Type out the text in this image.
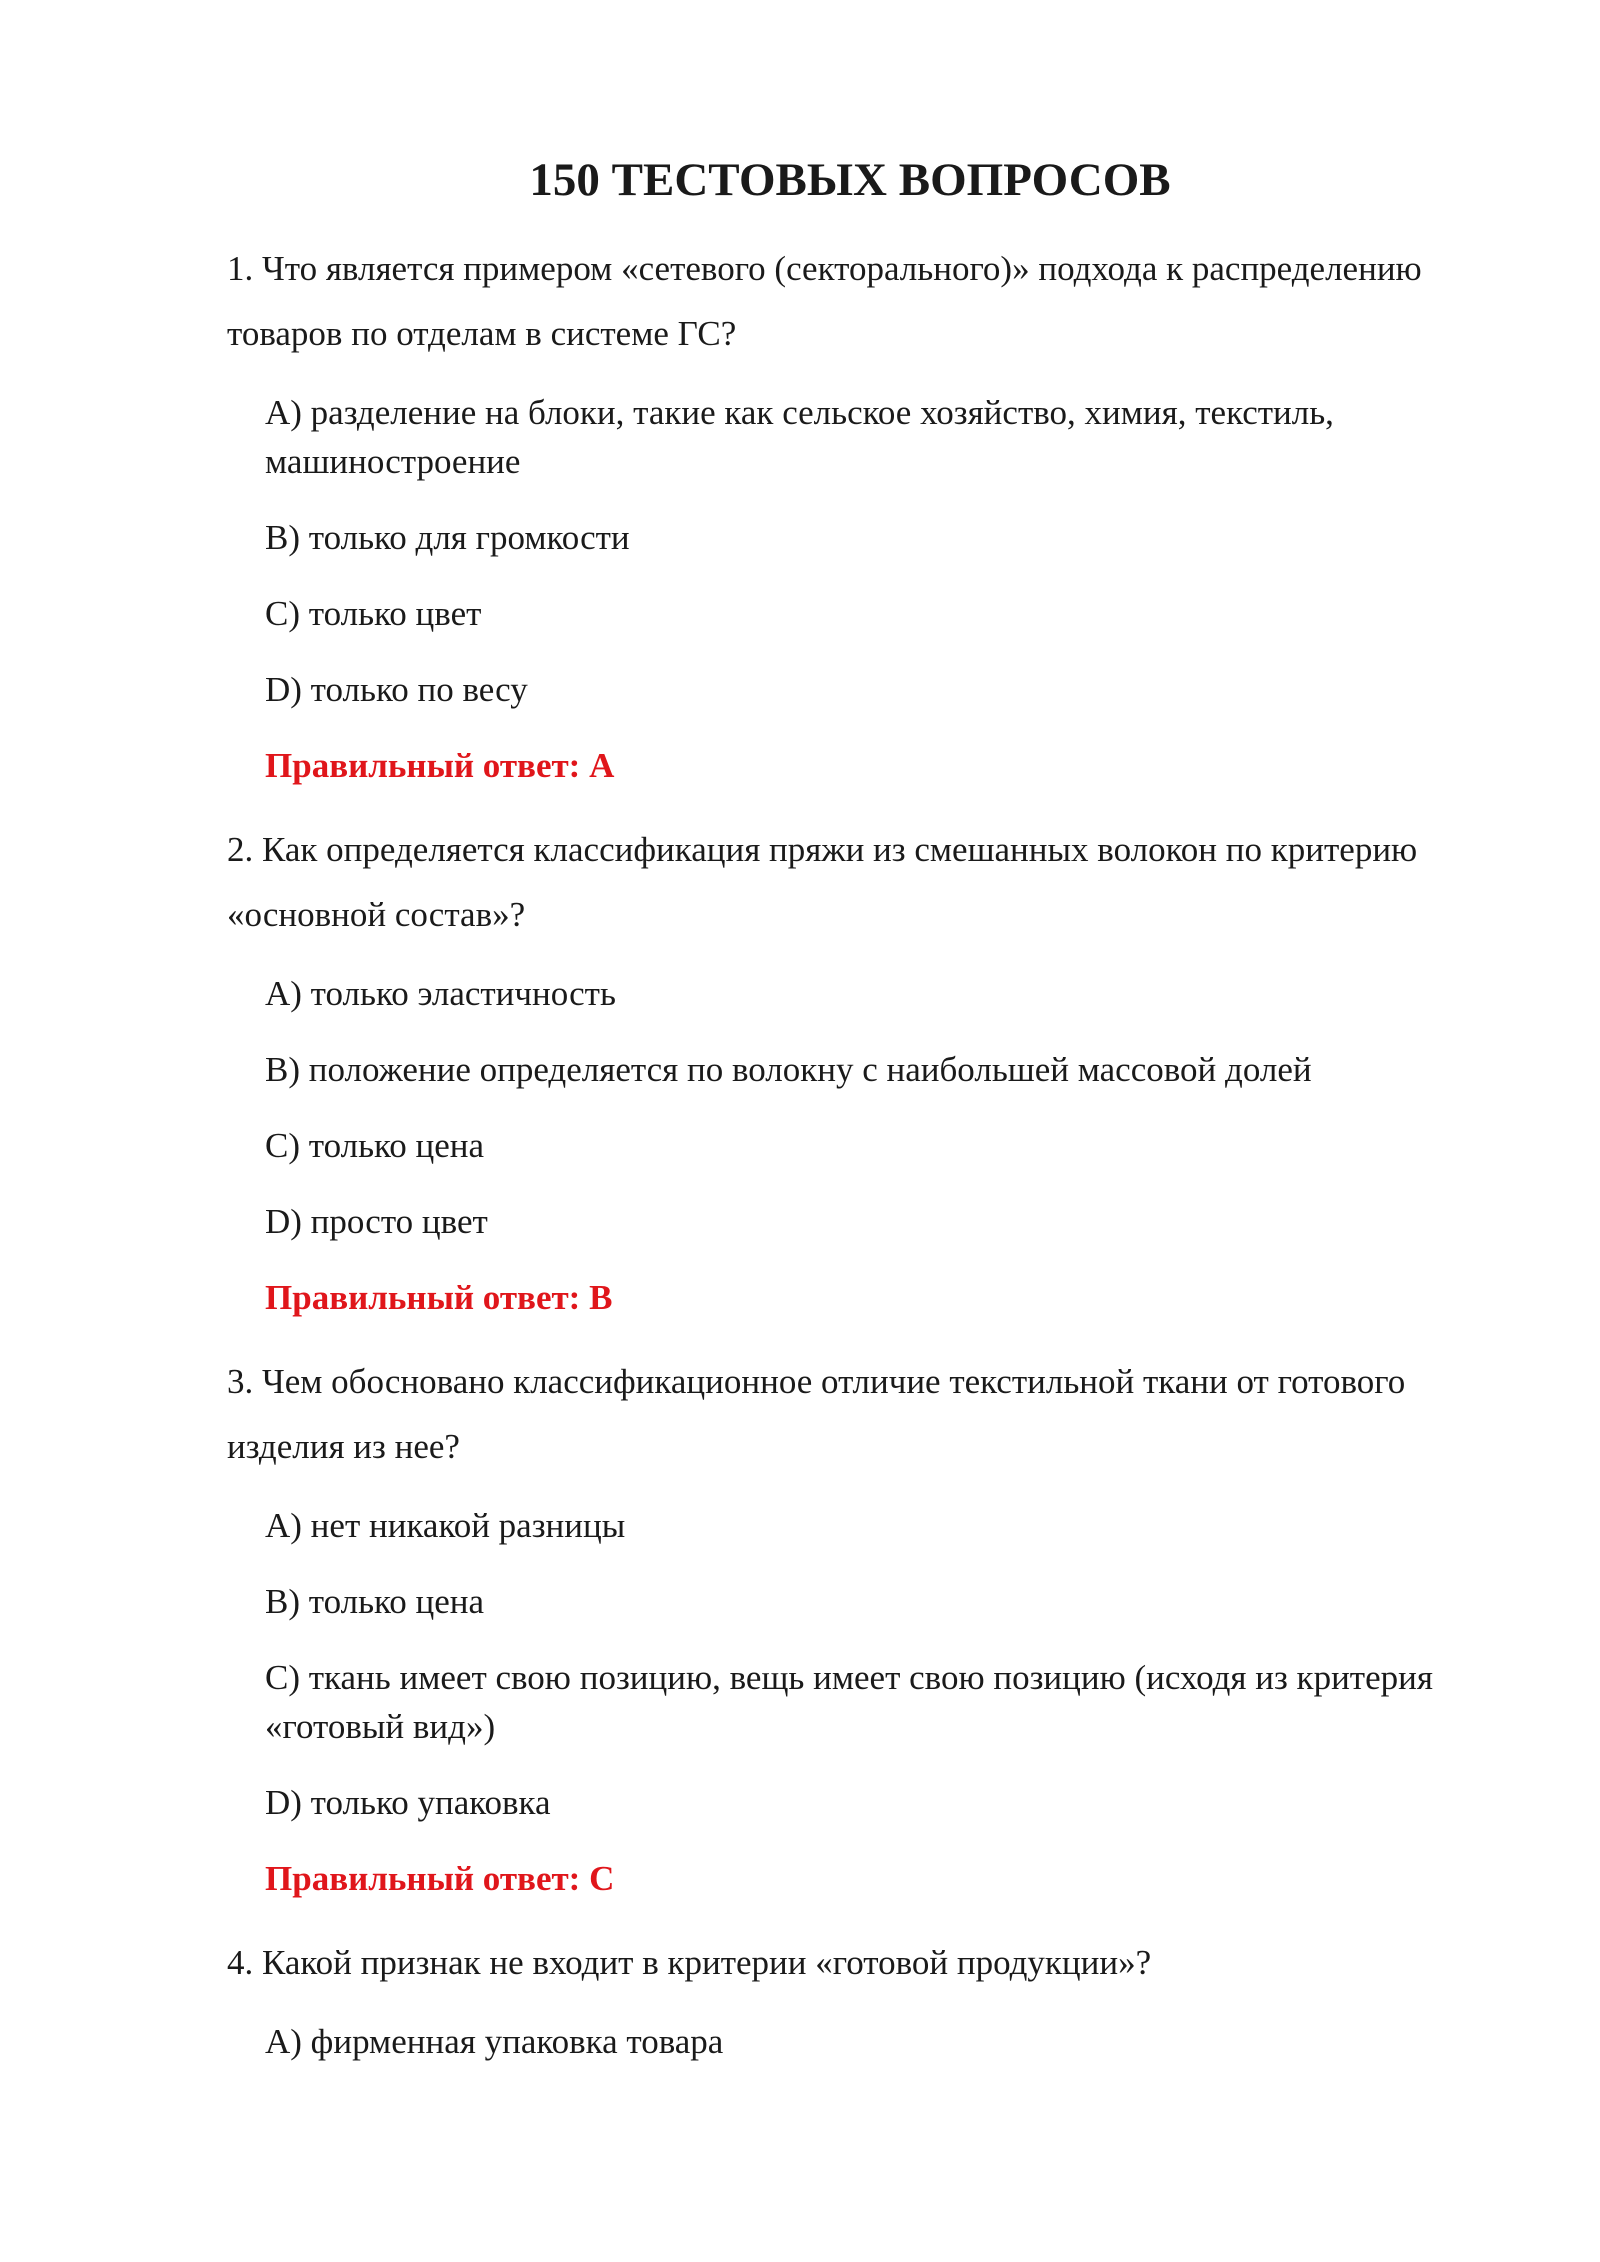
150 ТЕСТОВЫХ ВОПРОСОВ

1. Что является примером «сетевого (секторального)» подхода к распределению товаров по отделам в системе ГС?

A) разделение на блоки, такие как сельское хозяйство, химия, текстиль, машиностроение

B) только для громкости

C) только цвет

D) только по весу

Правильный ответ: A

2. Как определяется классификация пряжи из смешанных волокон по критерию «основной состав»?

A) только эластичность

B) положение определяется по волокну с наибольшей массовой долей

C) только цена

D) просто цвет

Правильный ответ: B

3. Чем обосновано классификационное отличие текстильной ткани от готового изделия из нее?

A) нет никакой разницы

B) только цена

C) ткань имеет свою позицию, вещь имеет свою позицию (исходя из критерия «готовый вид»)

D) только упаковка

Правильный ответ: C

4. Какой признак не входит в критерии «готовой продукции»?

A) фирменная упаковка товара
